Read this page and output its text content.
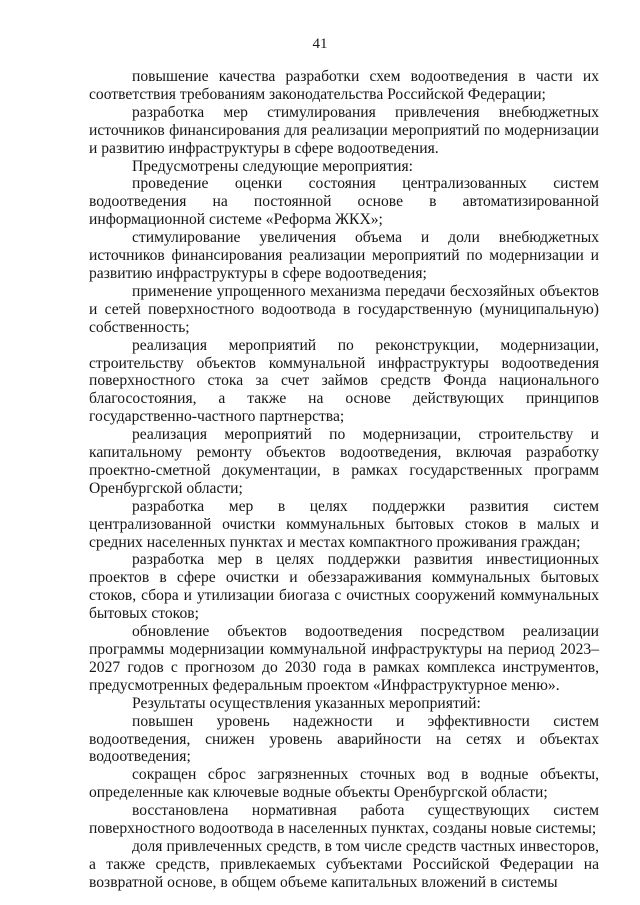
41

повышение качества разработки схем водоотведения в части их соответствия требованиям законодательства Российской Федерации;

разработка мер стимулирования привлечения внебюджетных источников финансирования для реализации мероприятий по модернизации и развитию инфраструктуры в сфере водоотведения.

Предусмотрены следующие мероприятия:

проведение оценки состояния централизованных систем водоотведения на постоянной основе в автоматизированной информационной системе «Реформа ЖКХ»;

стимулирование увеличения объема и доли внебюджетных источников финансирования реализации мероприятий по модернизации и развитию инфраструктуры в сфере водоотведения;

применение упрощенного механизма передачи бесхозяйных объектов и сетей поверхностного водоотвода в государственную (муниципальную) собственность;

реализация мероприятий по реконструкции, модернизации, строительству объектов коммунальной инфраструктуры водоотведения поверхностного стока за счет займов средств Фонда национального благосостояния, а также на основе действующих принципов государственно-частного партнерства;

реализация мероприятий по модернизации, строительству и капитальному ремонту объектов водоотведения, включая разработку проектно-сметной документации, в рамках государственных программ Оренбургской области;

разработка мер в целях поддержки развития систем централизованной очистки коммунальных бытовых стоков в малых и средних населенных пунктах и местах компактного проживания граждан;

разработка мер в целях поддержки развития инвестиционных проектов в сфере очистки и обеззараживания коммунальных бытовых стоков, сбора и утилизации биогаза с очистных сооружений коммунальных бытовых стоков;

обновление объектов водоотведения посредством реализации программы модернизации коммунальной инфраструктуры на период 2023–2027 годов с прогнозом до 2030 года в рамках комплекса инструментов, предусмотренных федеральным проектом «Инфраструктурное меню».

Результаты осуществления указанных мероприятий:

повышен уровень надежности и эффективности систем водоотведения, снижен уровень аварийности на сетях и объектах водоотведения;

сокращен сброс загрязненных сточных вод в водные объекты, определенные как ключевые водные объекты Оренбургской области;

восстановлена нормативная работа существующих систем поверхностного водоотвода в населенных пунктах, созданы новые системы;

доля привлеченных средств, в том числе средств частных инвесторов, а также средств, привлекаемых субъектами Российской Федерации на возвратной основе, в общем объеме капитальных вложений в системы
